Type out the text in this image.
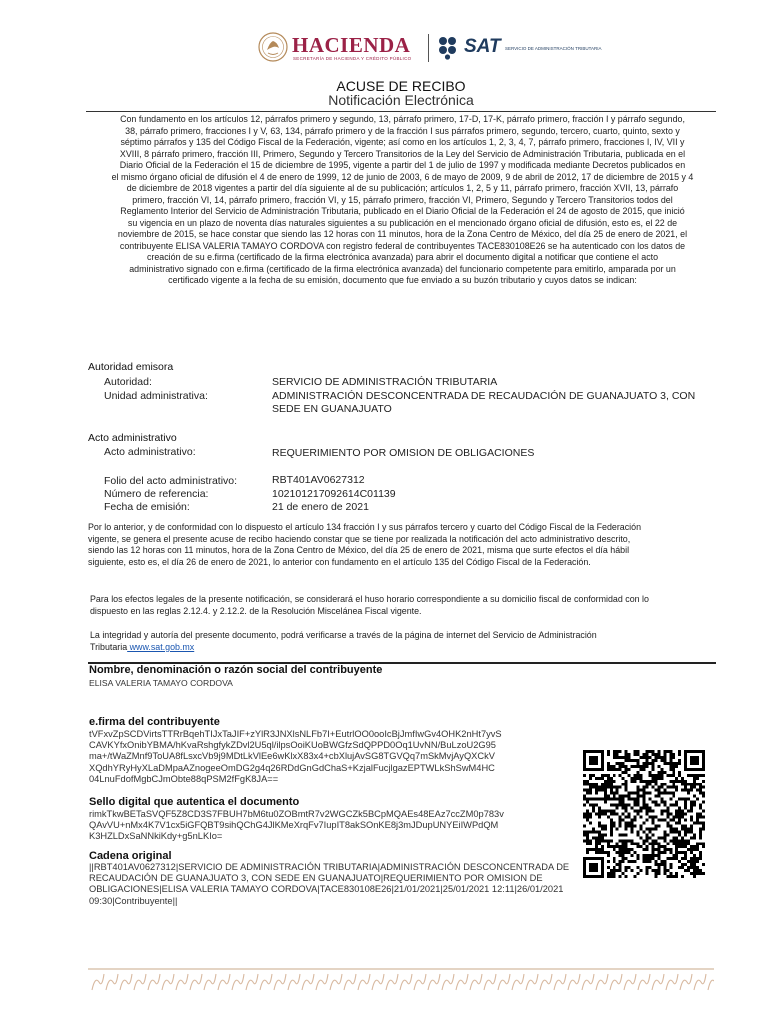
HACIENDA
SECRETARÍA DE HACIENDA Y CRÉDITO PÚBLICO
SAT SERVICIO DE ADMINISTRACIÓN TRIBUTARIA
ACUSE DE RECIBO
Notificación Electrónica
Con fundamento en los artículos 12, párrafos primero y segundo, 13, párrafo primero, 17-D, 17-K, párrafo primero, fracción I y párrafo segundo,
38, párrafo primero, fracciones I y V, 63, 134, párrafo primero y de la fracción I sus párrafos primero, segundo, tercero, cuarto, quinto, sexto y
séptimo párrafos y 135 del Código Fiscal de la Federación, vigente; así como en los artículos 1, 2, 3, 4, 7, párrafo primero, fracciones I, IV, VII y
XVIII, 8 párrafo primero, fracción III, Primero, Segundo y Tercero Transitorios de la Ley del Servicio de Administración Tributaria, publicada en el
Diario Oficial de la Federación el 15 de diciembre de 1995, vigente a partir del 1 de julio de 1997 y modificada mediante Decretos publicados en
el mismo órgano oficial de difusión el 4 de enero de 1999, 12 de junio de 2003, 6 de mayo de 2009, 9 de abril de 2012, 17 de diciembre de 2015 y 4
de diciembre de 2018 vigentes a partir del día siguiente al de su publicación; artículos 1, 2, 5 y 11, párrafo primero, fracción XVII, 13, párrafo
primero, fracción VI, 14, párrafo primero, fracción VI, y 15, párrafo primero, fracción VI, Primero, Segundo y Tercero Transitorios todos del
Reglamento Interior del Servicio de Administración Tributaria, publicado en el Diario Oficial de la Federación el 24 de agosto de 2015, que inició
su vigencia en un plazo de noventa días naturales siguientes a su publicación en el mencionado órgano oficial de difusión, esto es, el 22 de
noviembre de 2015, se hace constar que siendo las 12 horas con 11 minutos, hora de la Zona Centro de México, del día 25 de enero de 2021, el
contribuyente ELISA VALERIA TAMAYO CORDOVA con registro federal de contribuyentes TACE830108E26 se ha autenticado con los datos de
creación de su e.firma (certificado de la firma electrónica avanzada) para abrir el documento digital a notificar que contiene el acto
administrativo signado con e.firma (certificado de la firma electrónica avanzada) del funcionario competente para emitirlo, amparada por un
certificado vigente a la fecha de su emisión, documento que fue enviado a su buzón tributario y cuyos datos se indican:
Autoridad emisora
Autoridad:	SERVICIO DE ADMINISTRACIÓN TRIBUTARIA
Unidad administrativa:	ADMINISTRACIÓN DESCONCENTRADA DE RECAUDACIÓN DE GUANAJUATO 3, CON
SEDE EN GUANAJUATO
Acto administrativo
Acto administrativo:	REQUERIMIENTO POR OMISION DE OBLIGACIONES
Folio del acto administrativo:	RBT401AV0627312
Número de referencia:	102101217092614C01139
Fecha de emisión:	21 de enero de 2021
Por lo anterior, y de conformidad con lo dispuesto el artículo 134 fracción I y sus párrafos tercero y cuarto del Código Fiscal de la Federación
vigente, se genera el presente acuse de recibo haciendo constar que se tiene por realizada la notificación del acto administrativo descrito,
siendo las 12 horas con 11 minutos, hora de la Zona Centro de México, del día 25 de enero de 2021, misma que surte efectos el día hábil
siguiente, esto es, el día 26 de enero de 2021, lo anterior con fundamento en el artículo 135 del Código Fiscal de la Federación.
Para los efectos legales de la presente notificación, se considerará el huso horario correspondiente a su domicilio fiscal de conformidad con lo
dispuesto en las reglas 2.12.4. y 2.12.2. de la Resolución Miscelánea Fiscal vigente.
La integridad y autoría del presente documento, podrá verificarse a través de la página de internet del Servicio de Administración
Tributaria www.sat.gob.mx
Nombre, denominación o razón social del contribuyente
ELISA VALERIA TAMAYO CORDOVA
e.firma del contribuyente
tVFxvZpSCDVirtsTTRrBqehTIJxTaJIF+zYlR3JNXlsNLFb7I+EutrlOO0ooIcBjJmfIwGv4OHK2nHt7yvS
CAVKYfxOnibYBMA/hKvaRshgfykZDvl2U5ql/ilpsOoiKUoBWGfzSdQPPD0Oq1UvNN/BuLzoU2G95
ma+/tWaZMnf9ToUA8fLsxcVb9j9MDtLkVlEe6wKlxX83x4+cbXlujAvSG8TGVQq7mSkMvjAyQXCkV
XQdhYRyHyXLaDMpaAZnogeeOmDG2g4q26RDdGnGdChaS+KzjalFucjlgazEPTWLkShSwM4HC
04LnuFdofMgbCJmObte88qPSM2fFgK8JA==
Sello digital que autentica el documento
rimkTkwBETaSVQF5Z8CD3S7FBUH7bM6tu0ZOBmtR7v2WGCZk5BCpMQAEs48EAz7ccZM0p783v
QAvVU+nMx4K7V1cx5iGFQBT9sihQChG4JlKMeXrqFv7IupIT8akSOnKE8j3mJDupUNYEiIWPdQM
K3HZLDxSaNNkiKdy+g5nLKIo=
Cadena original
||RBT401AV0627312|SERVICIO DE ADMINISTRACIÓN TRIBUTARIA|ADMINISTRACIÓN DESCONCENTRADA DE
RECAUDACIÓN DE GUANAJUATO 3, CON SEDE EN GUANAJUATO|REQUERIMIENTO POR OMISION DE
OBLIGACIONES|ELISA VALERIA TAMAYO CORDOVA|TACE830108E26|21/01/2021|25/01/2021 12:11|26/01/2021
09:30|Contribuyente||
